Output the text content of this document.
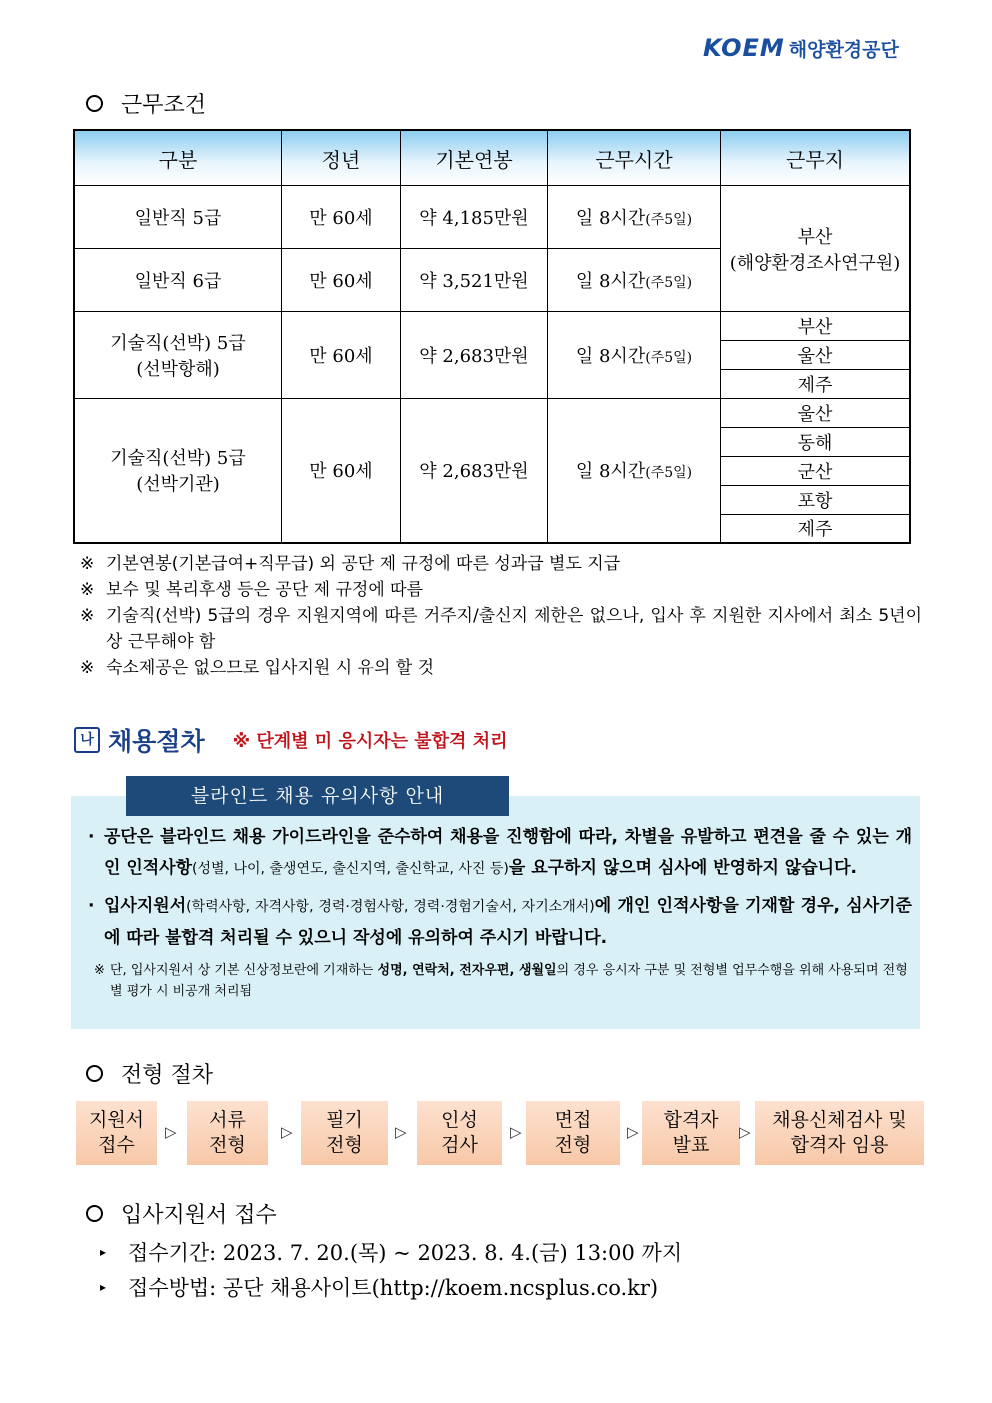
KOEM 해양환경공단
근무조건
구분	정년	기본연봉	근무시간	근무지
일반직 5급	만 60세	약 4,185만원	일 8시간(주5일)	부산
(해양환경조사연구원)

일반직 6급	만 60세	약 3,521만원	일 8시간(주5일)	

기술직(선박) 5급
(선박항해)	만 60세	약 2,683만원	일 8시간(주5일)	부산
				울산
				제주

기술직(선박) 5급
(선박기관)	만 60세	약 2,683만원	일 8시간(주5일)	울산
				동해
				군산
				포항
				제주
※ 기본연봉(기본급여+직무급) 외 공단 제 규정에 따른 성과급 별도 지급
※ 보수 및 복리후생 등은 공단 제 규정에 따름
※ 기술직(선박) 5급의 경우 지원지역에 따른 거주지/출신지 제한은 없으나, 입사 후 지원한 지사에서 최소 5년이상 근무해야 함
※ 숙소제공은 없으므로 입사지원 시 유의 할 것
나 채용절차 ※ 단계별 미 응시자는 불합격 처리
블라인드 채용 유의사항 안내
· 공단은 블라인드 채용 가이드라인을 준수하여 채용을 진행함에 따라, 차별을 유발하고 편견을 줄 수 있는 개인 인적사항(성별, 나이, 출생연도, 출신지역, 출신학교, 사진 등)을 요구하지 않으며 심사에 반영하지 않습니다.
· 입사지원서(학력사항, 자격사항, 경력·경험사항, 경력·경험기술서, 자기소개서)에 개인 인적사항을 기재할 경우, 심사기준에 따라 불합격 처리될 수 있으니 작성에 유의하여 주시기 바랍니다.
※ 단, 입사지원서 상 기본 신상정보란에 기재하는 성명, 연락처, 전자우편, 생월일의 경우 응시자 구분 및 전형별 업무수행을 위해 사용되며 전형별 평가 시 비공개 처리됨
전형 절차
지원서
접수
▷
서류
전형
▷
필기
전형
▷
인성
검사
▷
면접
전형
▷
합격자
발표
▷
채용신체검사 및
합격자 임용
입사지원서 접수
▸ 접수기간: 2023. 7. 20.(목) ~ 2023. 8. 4.(금) 13:00 까지
▸ 접수방법: 공단 채용사이트(http://koem.ncsplus.co.kr)
